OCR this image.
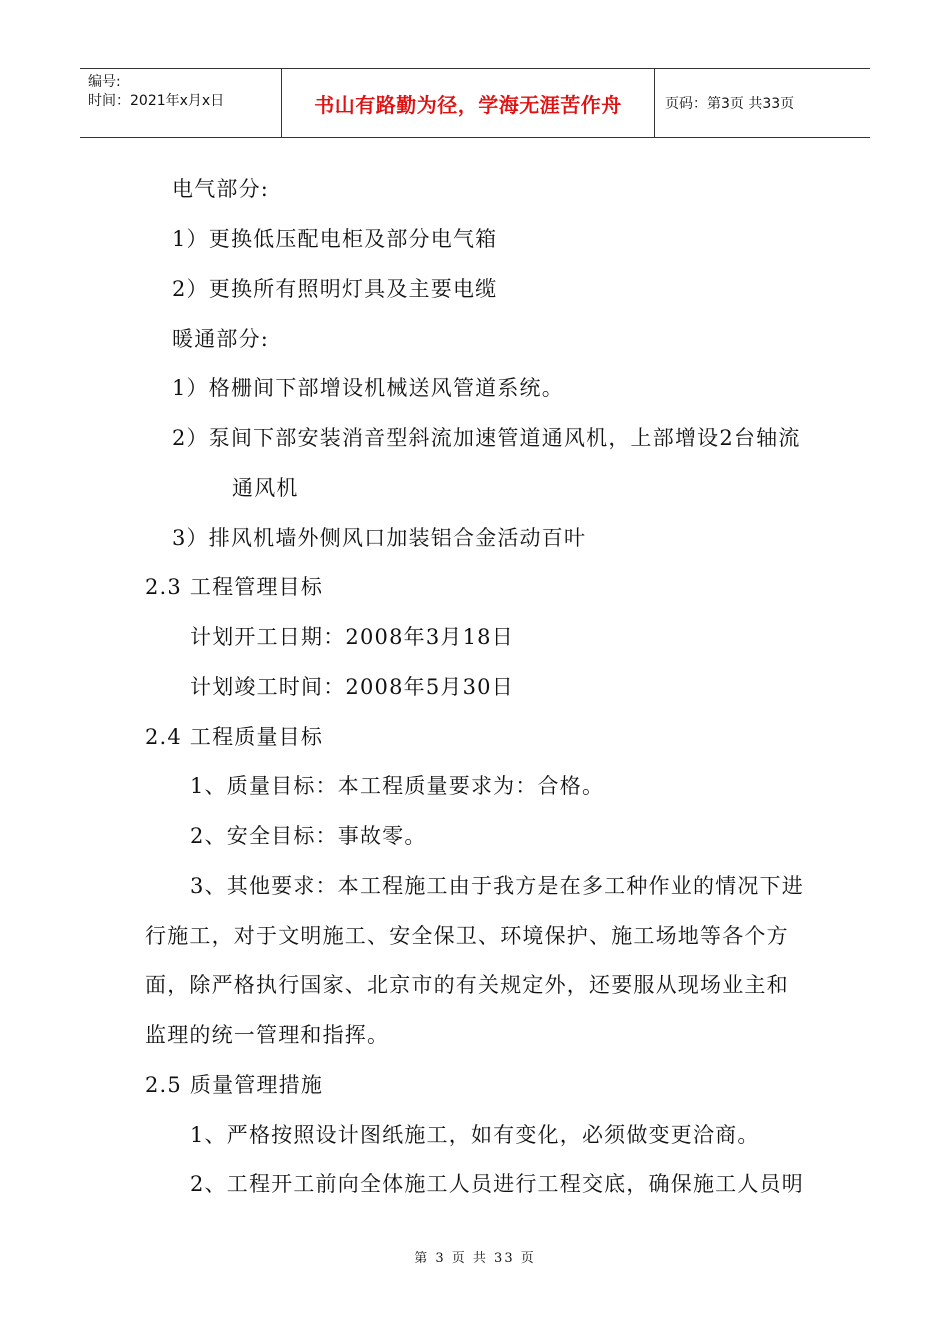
编号:
时间：2021年x月x日	书山有路勤为径，学海无涯苦作舟	页码：第3页 共33页
电气部分:
1）更换低压配电柜及部分电气箱
2）更换所有照明灯具及主要电缆
暖通部分:
1）格栅间下部增设机械送风管道系统。
2）泵间下部安装消音型斜流加速管道通风机，上部增设2台轴流
通风机
3）排风机墙外侧风口加装铝合金活动百叶
2.3 工程管理目标
计划开工日期：2008年3月18日
计划竣工时间：2008年5月30日
2.4 工程质量目标
1、质量目标：本工程质量要求为：合格。
2、安全目标：事故零。
3、其他要求：本工程施工由于我方是在多工种作业的情况下进
行施工，对于文明施工、安全保卫、环境保护、施工场地等各个方
面，除严格执行国家、北京市的有关规定外，还要服从现场业主和
监理的统一管理和指挥。
2.5 质量管理措施
1、严格按照设计图纸施工，如有变化，必须做变更洽商。
2、工程开工前向全体施工人员进行工程交底，确保施工人员明
第 3 页 共 33 页
